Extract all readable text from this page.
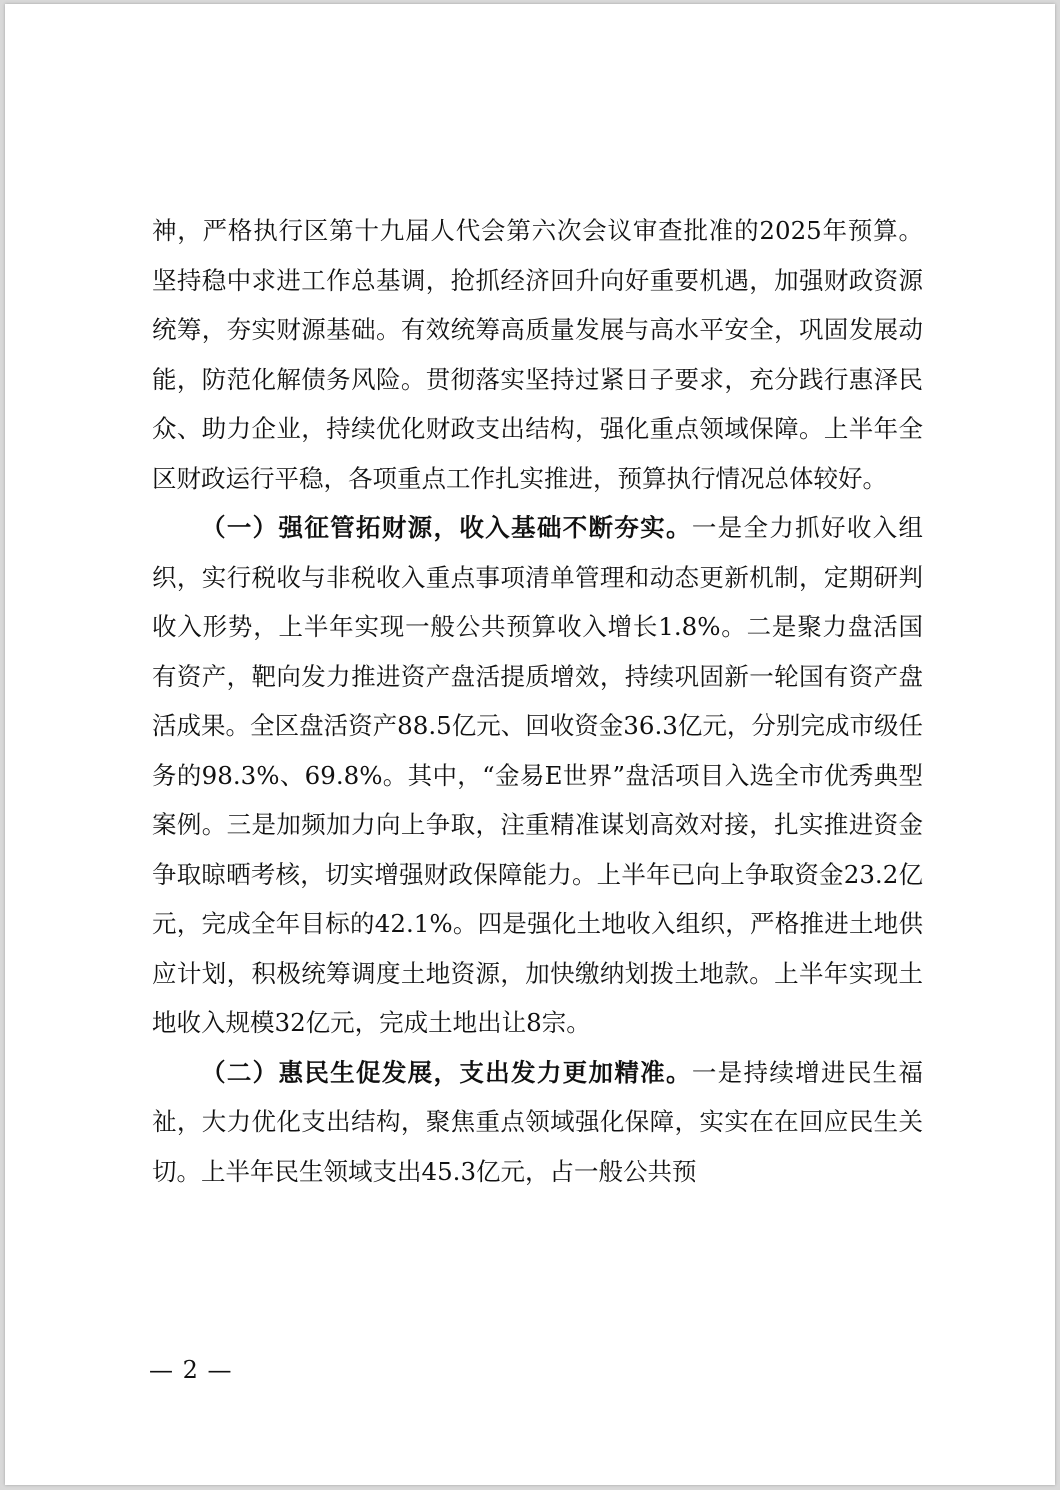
神，严格执行区第十九届人代会第六次会议审查批准的2025年预算。坚持稳中求进工作总基调，抢抓经济回升向好重要机遇，加强财政资源统筹，夯实财源基础。有效统筹高质量发展与高水平安全，巩固发展动能，防范化解债务风险。贯彻落实坚持过紧日子要求，充分践行惠泽民众、助力企业，持续优化财政支出结构，强化重点领域保障。上半年全区财政运行平稳，各项重点工作扎实推进，预算执行情况总体较好。

（一）强征管拓财源，收入基础不断夯实。一是全力抓好收入组织，实行税收与非税收入重点事项清单管理和动态更新机制，定期研判收入形势，上半年实现一般公共预算收入增长1.8%。二是聚力盘活国有资产，靶向发力推进资产盘活提质增效，持续巩固新一轮国有资产盘活成果。全区盘活资产88.5亿元、回收资金36.3亿元，分别完成市级任务的98.3%、69.8%。其中，“金易E世界”盘活项目入选全市优秀典型案例。三是加频加力向上争取，注重精准谋划高效对接，扎实推进资金争取晾晒考核，切实增强财政保障能力。上半年已向上争取资金23.2亿元，完成全年目标的42.1%。四是强化土地收入组织，严格推进土地供应计划，积极统筹调度土地资源，加快缴纳划拨土地款。上半年实现土地收入规模32亿元，完成土地出让8宗。

（二）惠民生促发展，支出发力更加精准。一是持续增进民生福祉，大力优化支出结构，聚焦重点领域强化保障，实实在在回应民生关切。上半年民生领域支出45.3亿元，占一般公共预

— 2 —
